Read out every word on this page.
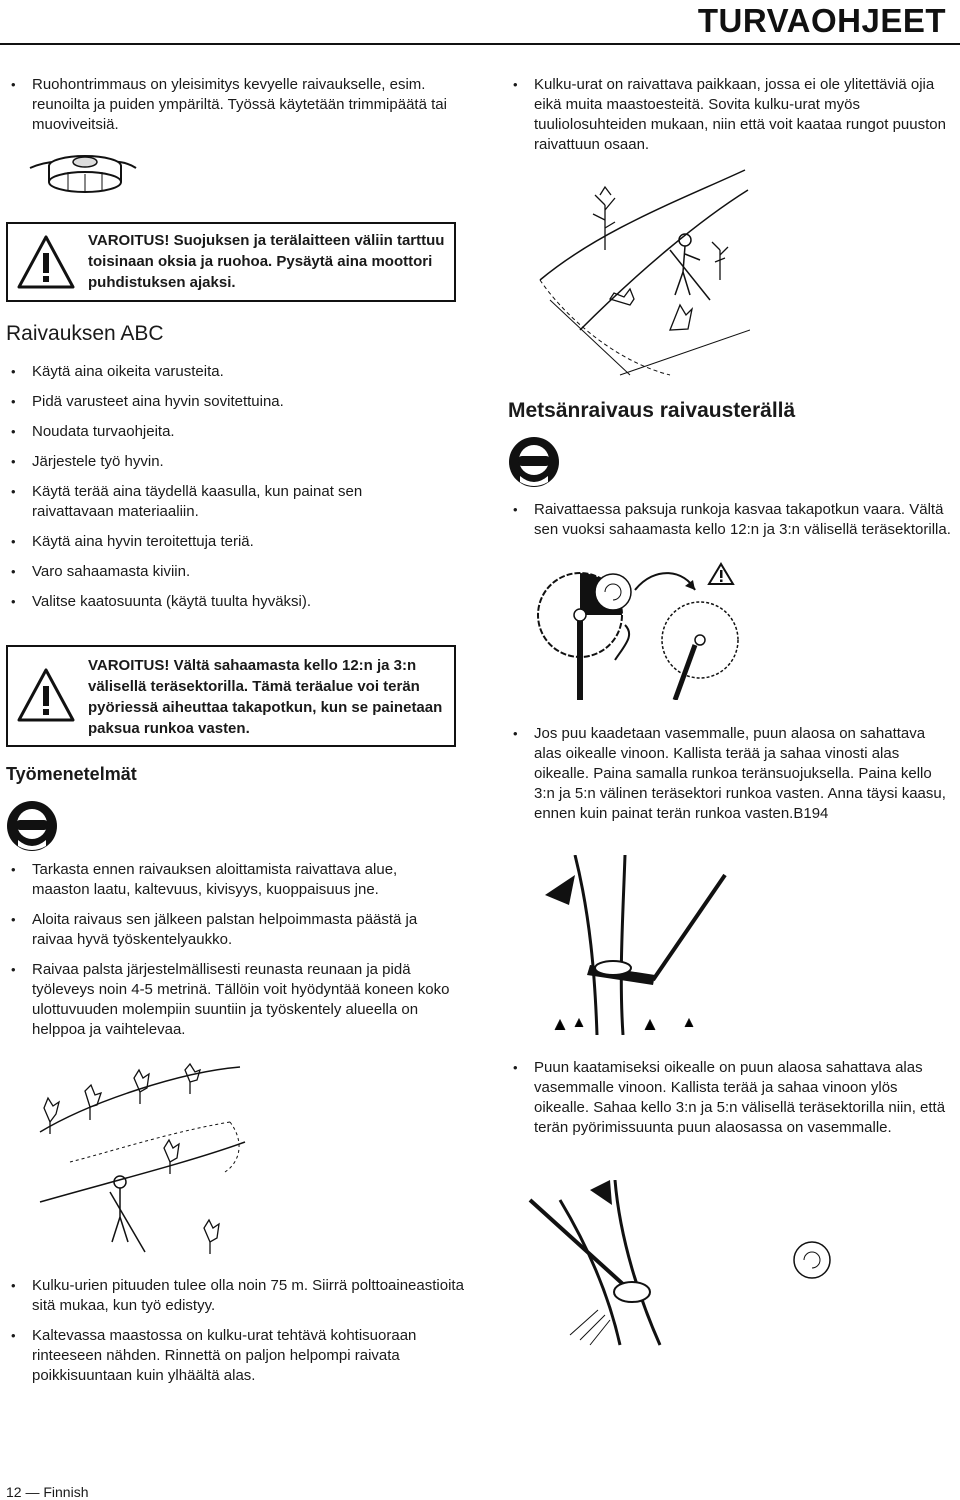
TURVAOHJEET
• Ruohontrimmaus on yleisimitys kevyelle raivaukselle, esim. reunoilta ja puiden ympäriltä. Työssä käytetään trimmipäätä tai muoviveitsiä.
• Kulku-urat on raivattava paikkaan, jossa ei ole ylitettäviä ojia eikä muita maastoesteitä. Sovita kulku-urat myös tuuliolosuhteiden mukaan, niin että voit kaataa rungot puuston raivattuun osaan.
VAROITUS! Suojuksen ja terälaitteen väliin tarttuu toisinaan oksia ja ruohoa. Pysäytä aina moottori puhdistuksen ajaksi.
Raivauksen ABC
• Käytä aina oikeita varusteita.
• Pidä varusteet aina hyvin sovitettuina.
• Noudata turvaohjeita.
• Järjestele työ hyvin.
• Käytä terää aina täydellä kaasulla, kun painat sen raivattavaan materiaaliin.
• Käytä aina hyvin teroitettuja teriä.
• Varo sahaamasta kiviin.
• Valitse kaatosuunta (käytä tuulta hyväksi).
VAROITUS! Vältä sahaamasta kello 12:n ja 3:n välisellä teräsektorilla. Tämä teräalue voi terän pyöriessä aiheuttaa takapotkun, kun se painetaan paksua runkoa vasten.
Työmenetelmät
• Tarkasta ennen raivauksen aloittamista raivattava alue, maaston laatu, kaltevuus, kivisyys, kuoppaisuus jne.
• Aloita raivaus sen jälkeen palstan helpoimmasta päästä ja raivaa hyvä työskentelyaukko.
• Raivaa palsta järjestelmällisesti reunasta reunaan ja pidä työleveys noin 4-5 metrinä. Tällöin voit hyödyntää koneen koko ulottuvuuden molempiin suuntiin ja työskentely alueella on helppoa ja vaihtelevaa.
• Kulku-urien pituuden tulee olla noin 75 m. Siirrä polttoaineastioita sitä mukaa, kun työ edistyy.
• Kaltevassa maastossa on kulku-urat tehtävä kohtisuoraan rinteeseen nähden. Rinnettä on paljon helpompi raivata poikkisuuntaan kuin ylhäältä alas.
Metsänraivaus raivausterällä
• Raivattaessa paksuja runkoja kasvaa takapotkun vaara. Vältä sen vuoksi sahaamasta kello 12:n ja 3:n välisellä teräsektorilla.
• Jos puu kaadetaan vasemmalle, puun alaosa on sahattava alas oikealle vinoon. Kallista terää ja sahaa vinosti alas oikealle. Paina samalla runkoa teränsuojuksella. Paina kello 3:n ja 5:n välinen teräsektori runkoa vasten. Anna täysi kaasu, ennen kuin painat terän runkoa vasten.B194
• Puun kaatamiseksi oikealle on puun alaosa sahattava alas vasemmalle vinoon. Kallista terää ja sahaa vinoon ylös oikealle. Sahaa kello 3:n ja 5:n välisellä teräsektorilla niin, että terän pyörimissuunta puun alaosassa on vasemmalle.
12 — Finnish
